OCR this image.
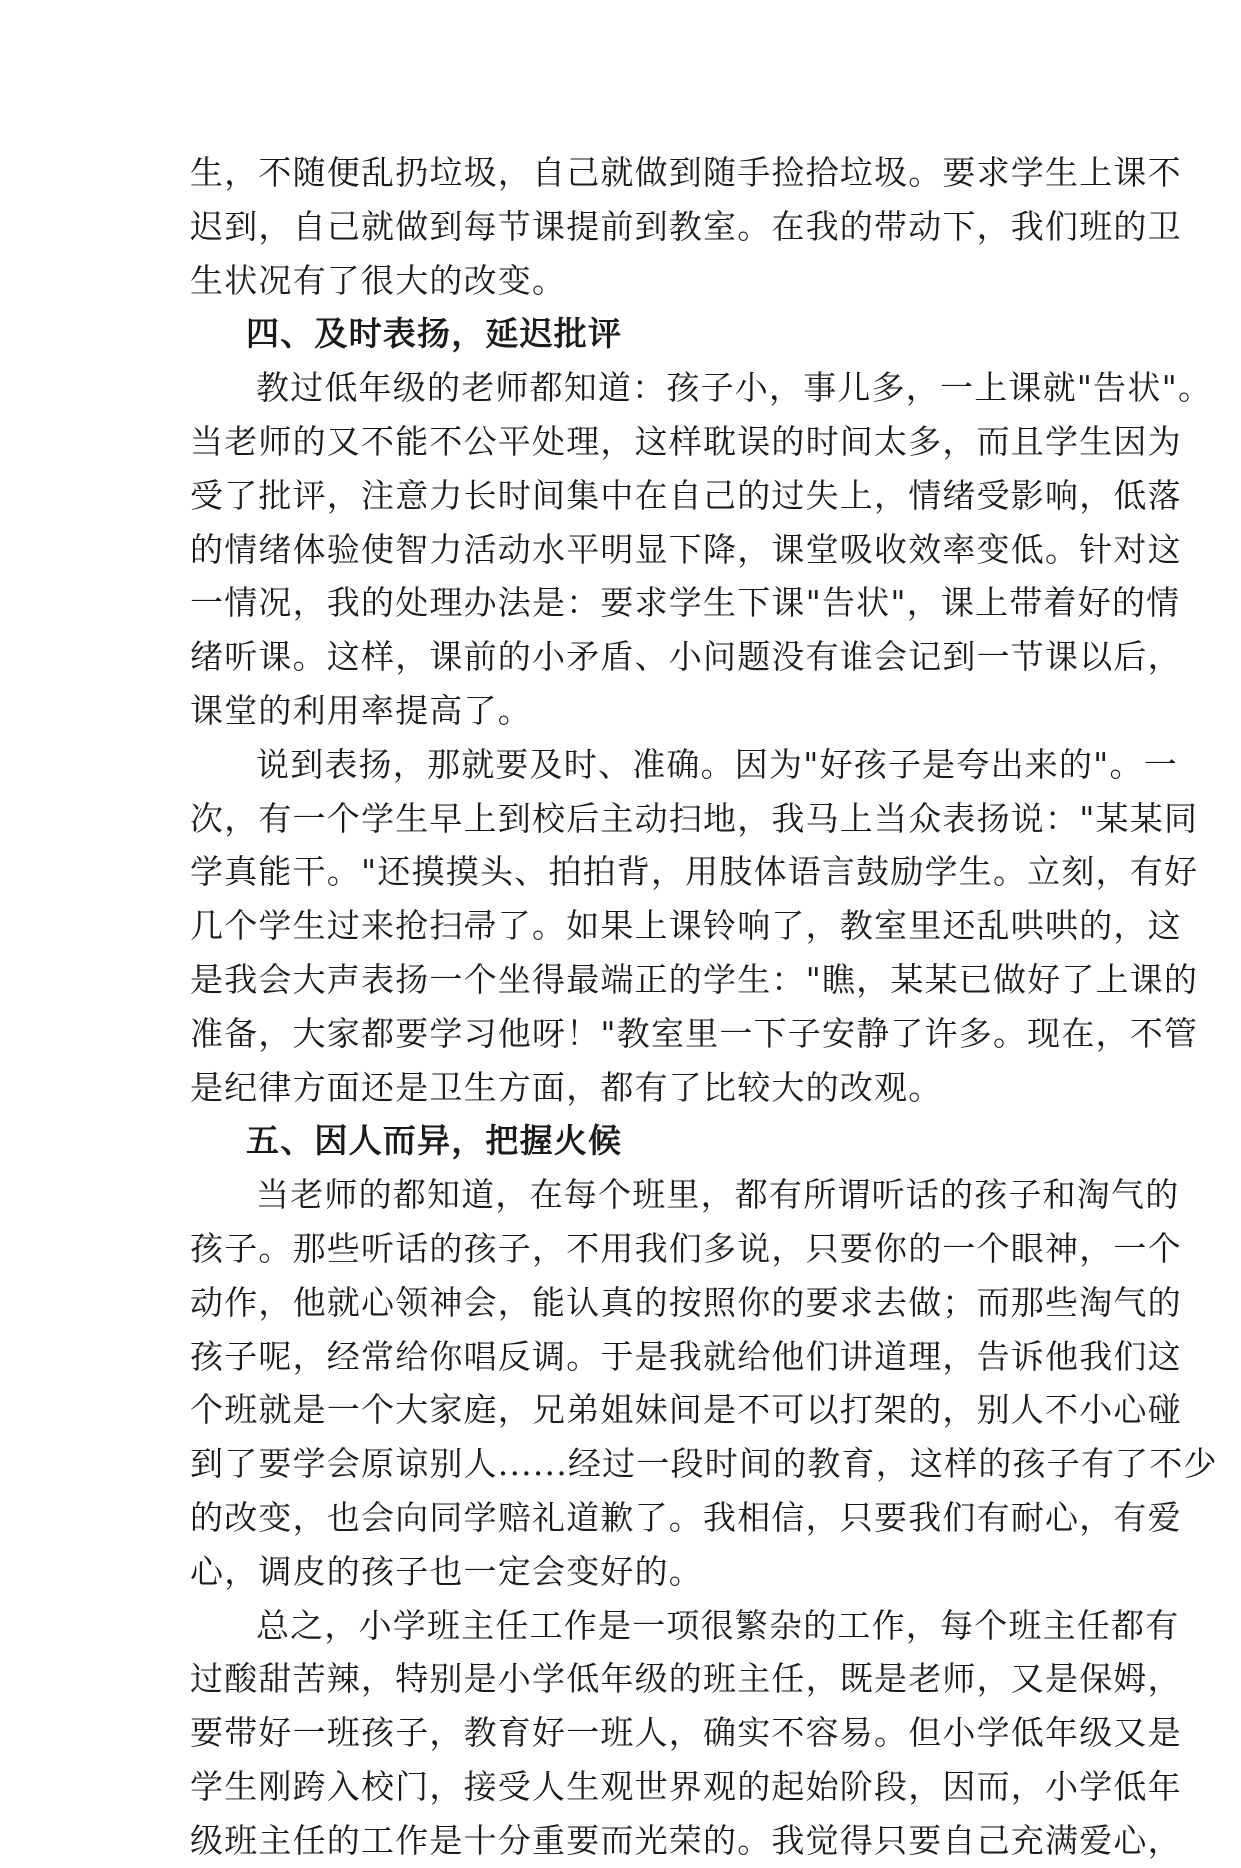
生，不随便乱扔垃圾，自己就做到随手捡拾垃圾。要求学生上课不
迟到，自己就做到每节课提前到教室。在我的带动下，我们班的卫
生状况有了很大的改变。
四、及时表扬，延迟批评
教过低年级的老师都知道：孩子小，事儿多，一上课就"告状"。
当老师的又不能不公平处理，这样耽误的时间太多，而且学生因为
受了批评，注意力长时间集中在自己的过失上，情绪受影响，低落
的情绪体验使智力活动水平明显下降，课堂吸收效率变低。针对这
一情况，我的处理办法是：要求学生下课"告状"，课上带着好的情
绪听课。这样，课前的小矛盾、小问题没有谁会记到一节课以后，
课堂的利用率提高了。
说到表扬，那就要及时、准确。因为"好孩子是夸出来的"。一
次，有一个学生早上到校后主动扫地，我马上当众表扬说："某某同
学真能干。"还摸摸头、拍拍背，用肢体语言鼓励学生。立刻，有好
几个学生过来抢扫帚了。如果上课铃响了，教室里还乱哄哄的，这
是我会大声表扬一个坐得最端正的学生："瞧，某某已做好了上课的
准备，大家都要学习他呀！"教室里一下子安静了许多。现在，不管
是纪律方面还是卫生方面，都有了比较大的改观。
五、因人而异，把握火候
当老师的都知道，在每个班里，都有所谓听话的孩子和淘气的
孩子。那些听话的孩子，不用我们多说，只要你的一个眼神，一个
动作，他就心领神会，能认真的按照你的要求去做；而那些淘气的
孩子呢，经常给你唱反调。于是我就给他们讲道理，告诉他我们这
个班就是一个大家庭，兄弟姐妹间是不可以打架的，别人不小心碰
到了要学会原谅别人......经过一段时间的教育，这样的孩子有了不少
的改变，也会向同学赔礼道歉了。我相信，只要我们有耐心，有爱
心，调皮的孩子也一定会变好的。
总之，小学班主任工作是一项很繁杂的工作，每个班主任都有
过酸甜苦辣，特别是小学低年级的班主任，既是老师，又是保姆，
要带好一班孩子，教育好一班人，确实不容易。但小学低年级又是
学生刚跨入校门，接受人生观世界观的起始阶段，因而，小学低年
级班主任的工作是十分重要而光荣的。我觉得只要自己充满爱心，
